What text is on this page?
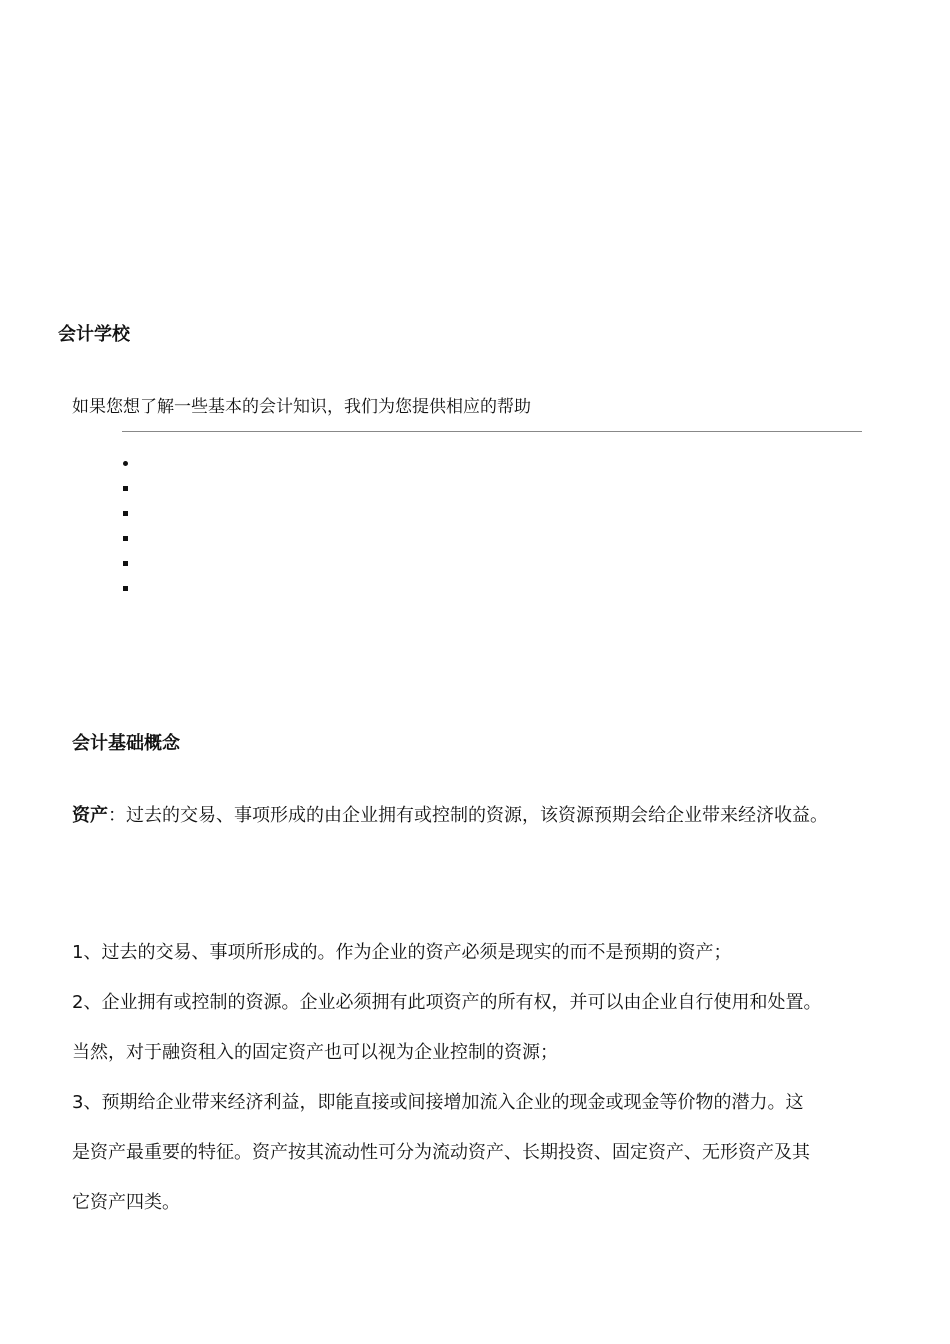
会计学校

如果您想了解一些基本的会计知识，我们为您提供相应的帮助

会计基础概念

资产：过去的交易、事项形成的由企业拥有或控制的资源，该资源预期会给企业带来经济收益。

1、过去的交易、事项所形成的。作为企业的资产必须是现实的而不是预期的资产；

2、企业拥有或控制的资源。企业必须拥有此项资产的所有权，并可以由企业自行使用和处置。

当然，对于融资租入的固定资产也可以视为企业控制的资源；

3、预期给企业带来经济利益，即能直接或间接增加流入企业的现金或现金等价物的潜力。这

是资产最重要的特征。资产按其流动性可分为流动资产、长期投资、固定资产、无形资产及其

它资产四类。
